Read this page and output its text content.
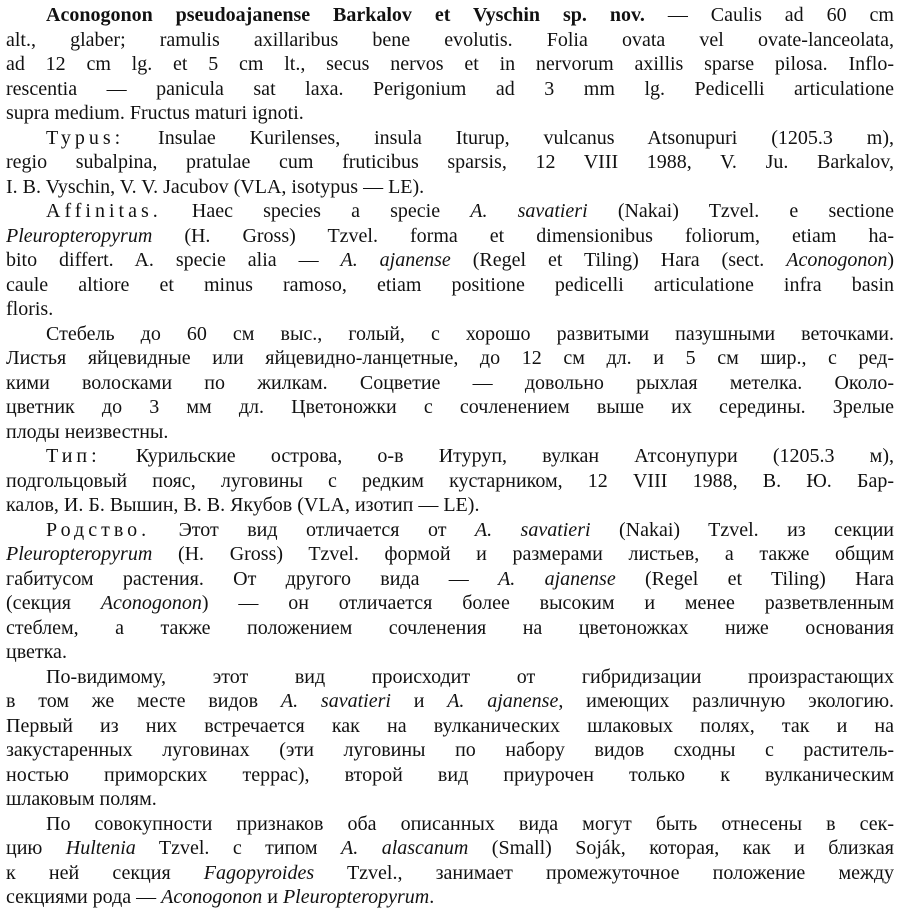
Aconogonon pseudoajanense Barkalov et Vyschin sp. nov. — Caulis ad 60 cm
alt., glaber; ramulis axillaribus bene evolutis. Folia ovata vel ovate-lanceolata,
ad 12 cm lg. et 5 cm lt., secus nervos et in nervorum axillis sparse pilosa. Inflo-
rescentia — panicula sat laxa. Perigonium ad 3 mm lg. Pedicelli articulatione
supra medium. Fructus maturi ignoti.
Typus: Insulae Kurilenses, insula Iturup, vulcanus Atsonupuri (1205.3 m),
regio subalpina, pratulae cum fruticibus sparsis, 12 VIII 1988, V. Ju. Barkalov,
I. B. Vyschin, V. V. Jacubov (VLA, isotypus — LE).
Affinitas. Haec species a specie A. savatieri (Nakai) Tzvel. e sectione
Pleuropteropyrum (H. Gross) Tzvel. forma et dimensionibus foliorum, etiam ha-
bito differt. A. specie alia — A. ajanense (Regel et Tiling) Hara (sect. Aconogonon)
caule altiore et minus ramoso, etiam positione pedicelli articulatione infra basin
floris.
Стебель до 60 см выс., голый, с хорошо развитыми пазушными веточками.
Листья яйцевидные или яйцевидно-ланцетные, до 12 см дл. и 5 см шир., с ред-
кими волосками по жилкам. Соцветие — довольно рыхлая метелка. Около-
цветник до 3 мм дл. Цветоножки с сочленением выше их середины. Зрелые
плоды неизвестны.
Тип: Курильские острова, о-в Итуруп, вулкан Атсонупури (1205.3 м),
подгольцовый пояс, луговины с редким кустарником, 12 VIII 1988, В. Ю. Бар-
калов, И. Б. Вышин, В. В. Якубов (VLA, изотип — LE).
Родство. Этот вид отличается от A. savatieri (Nakai) Tzvel. из секции
Pleuropteropyrum (H. Gross) Tzvel. формой и размерами листьев, а также общим
габитусом растения. От другого вида — A. ajanense (Regel et Tiling) Hara
(секция Aconogonon) — он отличается более высоким и менее разветвленным
стеблем, а также положением сочленения на цветоножках ниже основания
цветка.
По-видимому, этот вид происходит от гибридизации произрастающих
в том же месте видов A. savatieri и A. ajanense, имеющих различную экологию.
Первый из них встречается как на вулканических шлаковых полях, так и на
закустаренных луговинах (эти луговины по набору видов сходны с раститель-
ностью приморских террас), второй вид приурочен только к вулканическим
шлаковым полям.
По совокупности признаков оба описанных вида могут быть отнесены в сек-
цию Hultenia Tzvel. с типом A. alascanum (Small) Soják, которая, как и близкая
к ней секция Fagopyroides Tzvel., занимает промежуточное положение между
секциями рода — Aconogonon и Pleuropteropyrum.
